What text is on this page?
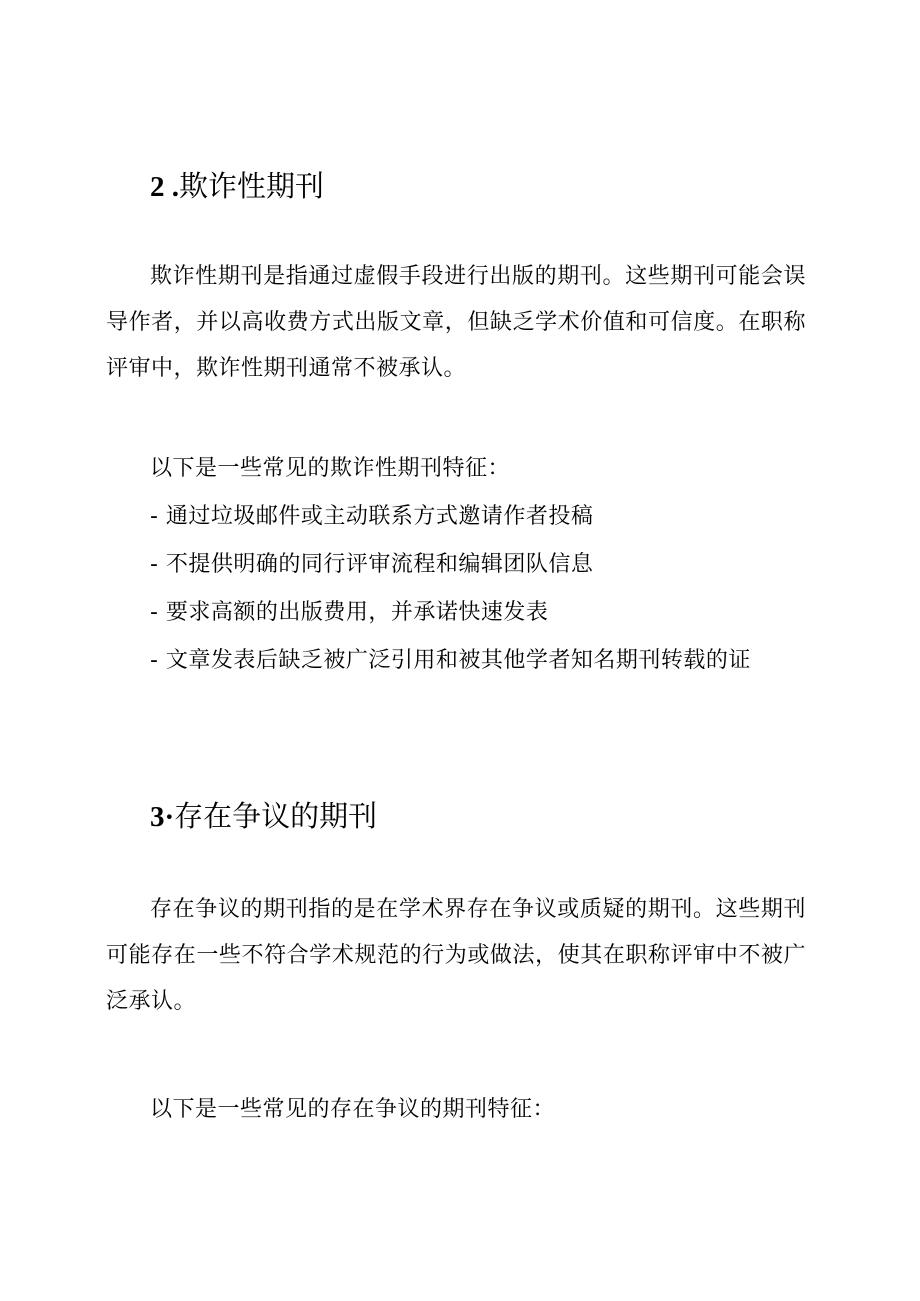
2 .欺诈性期刊

欺诈性期刊是指通过虚假手段进行出版的期刊。这些期刊可能会误导作者，并以高收费方式出版文章，但缺乏学术价值和可信度。在职称评审中，欺诈性期刊通常不被承认。

以下是一些常见的欺诈性期刊特征：

- 通过垃圾邮件或主动联系方式邀请作者投稿

- 不提供明确的同行评审流程和编辑团队信息

- 要求高额的出版费用，并承诺快速发表

- 文章发表后缺乏被广泛引用和被其他学者知名期刊转载的证

3·存在争议的期刊

存在争议的期刊指的是在学术界存在争议或质疑的期刊。这些期刊可能存在一些不符合学术规范的行为或做法，使其在职称评审中不被广泛承认。

以下是一些常见的存在争议的期刊特征：
